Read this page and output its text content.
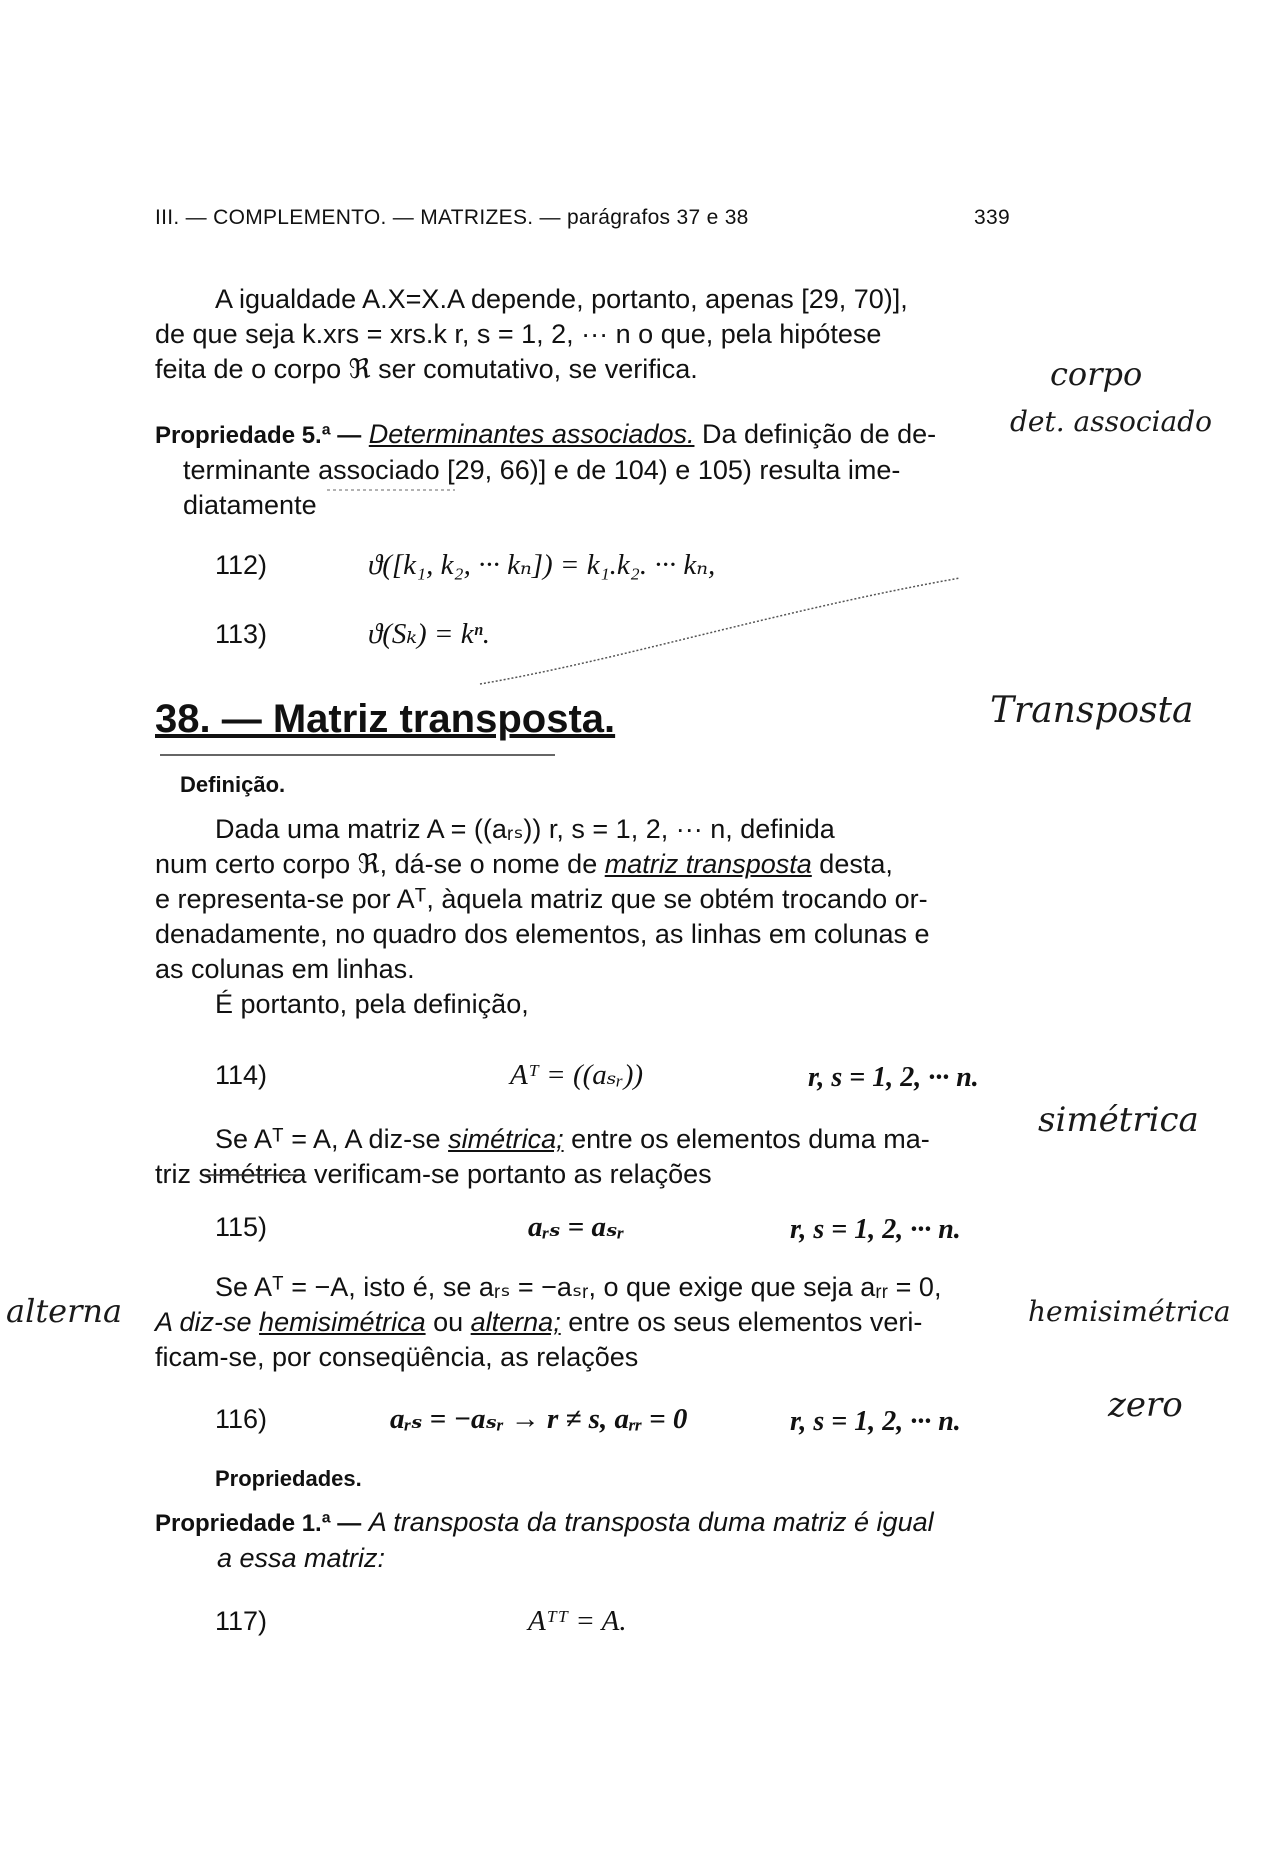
III. — COMPLEMENTO. — MATRIZES. — parágrafos 37 e 38	339
A igualdade A.X=X.A depende, portanto, apenas [29, 70)],
de que seja k.xrs = xrs.k r, s = 1, 2, ··· n o que, pela hipótese
feita de o corpo ℜ ser comutativo, se verifica.
Propriedade 5.ª — Determinantes associados. Da definição de de-
terminante associado [29, 66)] e de 104) e 105) resulta ime-
diatamente
112)	ϑ([k₁, k₂, ··· kₙ]) = k₁.k₂. ··· kₙ,
113)	ϑ(Sₖ) = kⁿ.
38. — Matriz transposta.
Definição.
Dada uma matriz A = ((aᵣₛ)) r, s = 1, 2, ··· n, definida
num certo corpo ℜ, dá-se o nome de matriz transposta desta,
e representa-se por Aᵀ, àquela matriz que se obtém trocando or-
denadamente, no quadro dos elementos, as linhas em colunas e
as colunas em linhas.
É portanto, pela definição,
114)	Aᵀ = ((aₛᵣ))	r, s = 1, 2, ··· n.
Se Aᵀ = A, A diz-se simétrica; entre os elementos duma ma-
triz simétrica verificam-se portanto as relações
115)	aᵣₛ = aₛᵣ	r, s = 1, 2, ··· n.
Se Aᵀ = −A, isto é, se aᵣₛ = −aₛᵣ, o que exige que seja aᵣᵣ = 0,
A diz-se hemisimétrica ou alterna; entre os seus elementos veri-
ficam-se, por conseqüência, as relações
116)	aᵣₛ = −aₛᵣ → r ≠ s, aᵣᵣ = 0	r, s = 1, 2, ··· n.
Propriedades.
Propriedade 1.ª — A transposta da transposta duma matriz é igual
a essa matriz:
117)	Aᵀᵀ = A.
corpo
det. associado
Transposta
simétrica
alterna	hemisimétrica
zero
